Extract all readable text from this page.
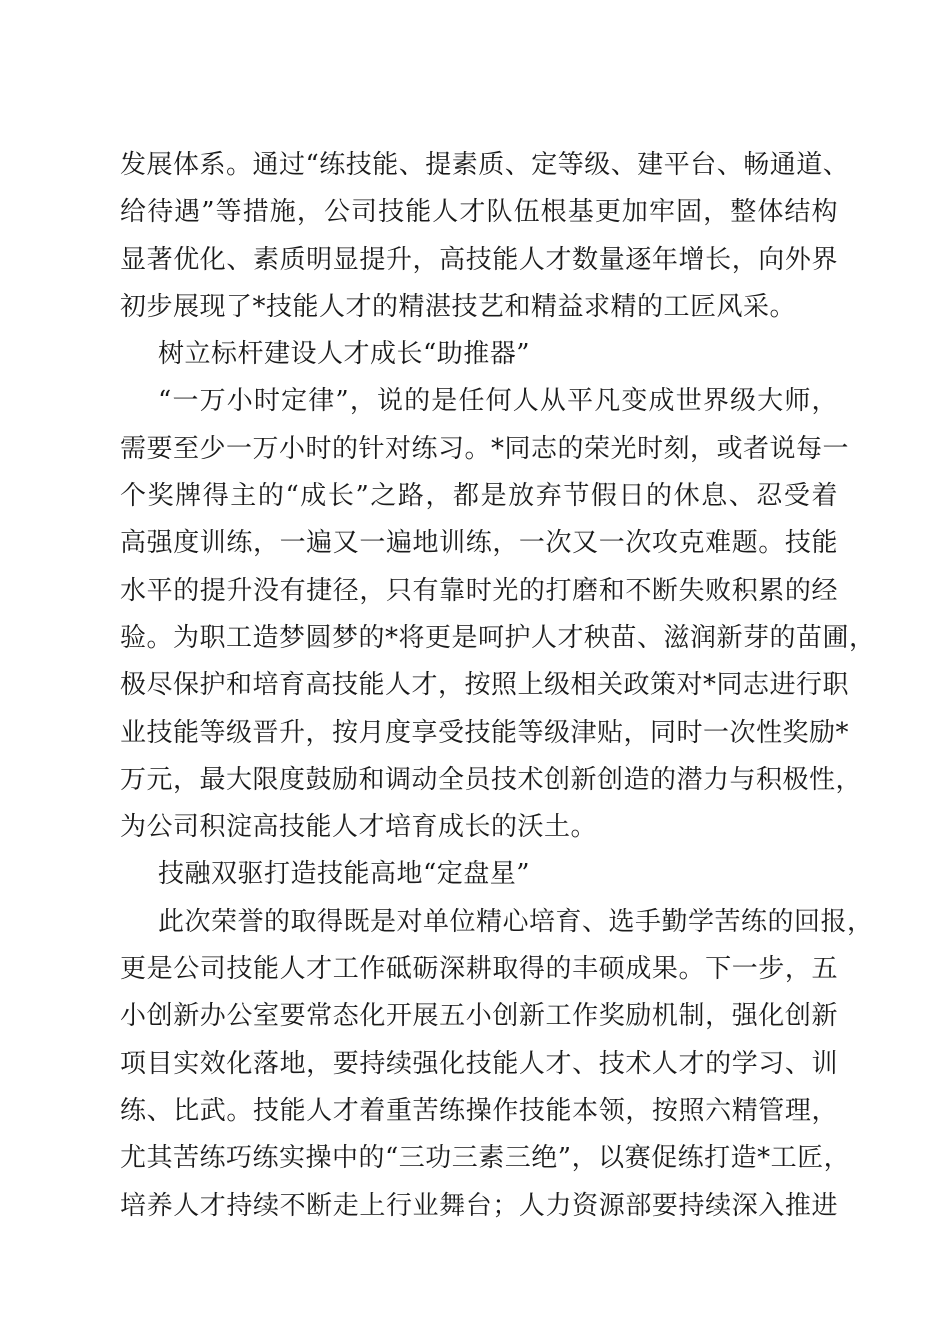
发展体系。通过“练技能、提素质、定等级、建平台、畅通道、
给待遇”等措施，公司技能人才队伍根基更加牢固，整体结构
显著优化、素质明显提升，高技能人才数量逐年增长，向外界
初步展现了*技能人才的精湛技艺和精益求精的工匠风采。
树立标杆建设人才成长“助推器”
“一万小时定律”，说的是任何人从平凡变成世界级大师，
需要至少一万小时的针对练习。*同志的荣光时刻，或者说每一
个奖牌得主的“成长”之路，都是放弃节假日的休息、忍受着
高强度训练，一遍又一遍地训练，一次又一次攻克难题。技能
水平的提升没有捷径，只有靠时光的打磨和不断失败积累的经
验。为职工造梦圆梦的*将更是呵护人才秧苗、滋润新芽的苗圃，
极尽保护和培育高技能人才，按照上级相关政策对*同志进行职
业技能等级晋升，按月度享受技能等级津贴，同时一次性奖励*
万元，最大限度鼓励和调动全员技术创新创造的潜力与积极性，
为公司积淀高技能人才培育成长的沃土。
技融双驱打造技能高地“定盘星”
此次荣誉的取得既是对单位精心培育、选手勤学苦练的回报，
更是公司技能人才工作砥砺深耕取得的丰硕成果。下一步，五
小创新办公室要常态化开展五小创新工作奖励机制，强化创新
项目实效化落地，要持续强化技能人才、技术人才的学习、训
练、比武。技能人才着重苦练操作技能本领，按照六精管理，
尤其苦练巧练实操中的“三功三素三绝”，以赛促练打造*工匠，
培养人才持续不断走上行业舞台；人力资源部要持续深入推进
